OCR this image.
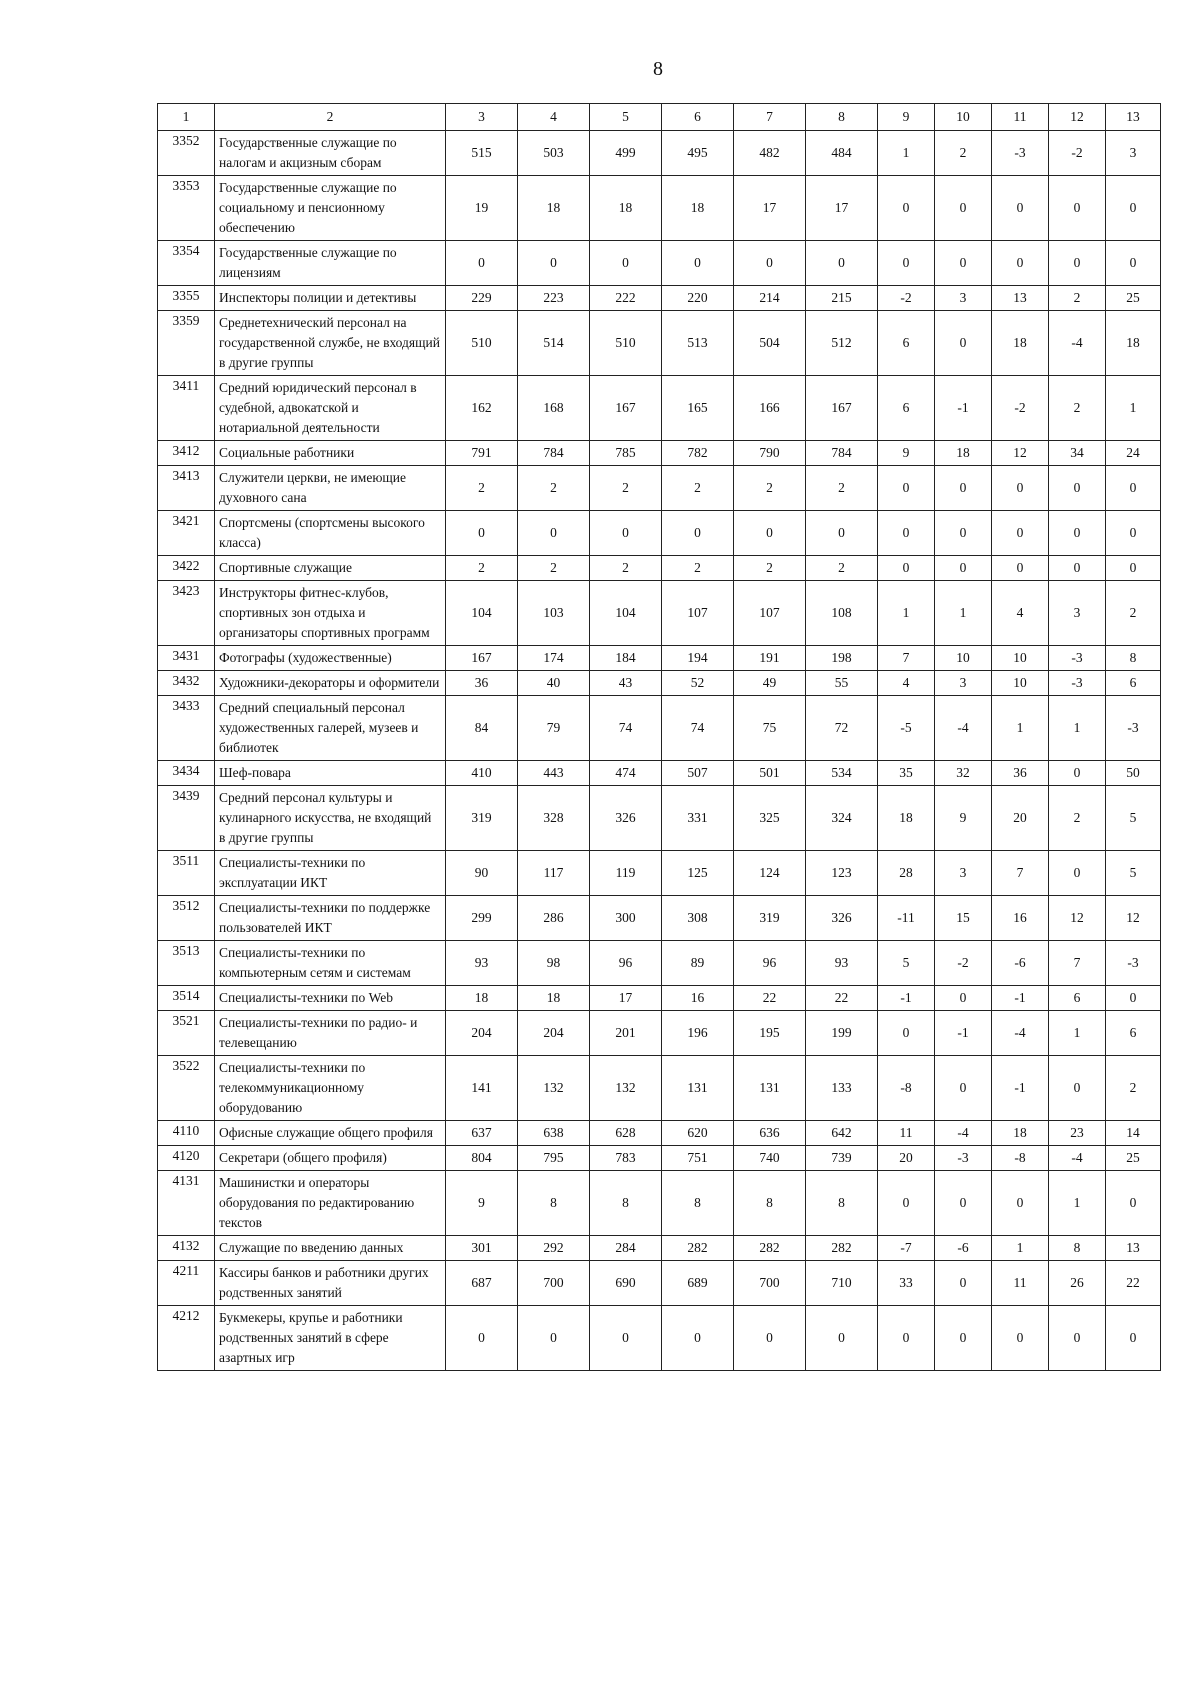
8
1	2	3	4	5	6	7	8	9	10	11	12	13
3352	Государственные служащие по налогам и акцизным сборам	515	503	499	495	482	484	1	2	-3	-2	3
3353	Государственные служащие по социальному и пенсионному обеспечению	19	18	18	18	17	17	0	0	0	0	0
3354	Государственные служащие по лицензиям	0	0	0	0	0	0	0	0	0	0	0
3355	Инспекторы полиции и детективы	229	223	222	220	214	215	-2	3	13	2	25
3359	Среднетехнический персонал на государственной службе, не входящий в другие группы	510	514	510	513	504	512	6	0	18	-4	18
3411	Средний юридический персонал в судебной, адвокатской и нотариальной деятельности	162	168	167	165	166	167	6	-1	-2	2	1
3412	Социальные работники	791	784	785	782	790	784	9	18	12	34	24
3413	Служители церкви, не имеющие духовного сана	2	2	2	2	2	2	0	0	0	0	0
3421	Спортсмены (спортсмены высокого класса)	0	0	0	0	0	0	0	0	0	0	0
3422	Спортивные служащие	2	2	2	2	2	2	0	0	0	0	0
3423	Инструкторы фитнес-клубов, спортивных зон отдыха и организаторы спортивных программ	104	103	104	107	107	108	1	1	4	3	2
3431	Фотографы (художественные)	167	174	184	194	191	198	7	10	10	-3	8
3432	Художники-декораторы и оформители	36	40	43	52	49	55	4	3	10	-3	6
3433	Средний специальный персонал художественных галерей, музеев и библиотек	84	79	74	74	75	72	-5	-4	1	1	-3
3434	Шеф-повара	410	443	474	507	501	534	35	32	36	0	50
3439	Средний персонал культуры и кулинарного искусства, не входящий в другие группы	319	328	326	331	325	324	18	9	20	2	5
3511	Специалисты-техники по эксплуатации ИКТ	90	117	119	125	124	123	28	3	7	0	5
3512	Специалисты-техники по поддержке пользователей ИКТ	299	286	300	308	319	326	-11	15	16	12	12
3513	Специалисты-техники по компьютерным сетям и системам	93	98	96	89	96	93	5	-2	-6	7	-3
3514	Специалисты-техники по Web	18	18	17	16	22	22	-1	0	-1	6	0
3521	Специалисты-техники по радио- и телевещанию	204	204	201	196	195	199	0	-1	-4	1	6
3522	Специалисты-техники по телекоммуникационному оборудованию	141	132	132	131	131	133	-8	0	-1	0	2
4110	Офисные служащие общего профиля	637	638	628	620	636	642	11	-4	18	23	14
4120	Секретари (общего профиля)	804	795	783	751	740	739	20	-3	-8	-4	25
4131	Машинистки и операторы оборудования по редактированию текстов	9	8	8	8	8	8	0	0	0	1	0
4132	Служащие по введению данных	301	292	284	282	282	282	-7	-6	1	8	13
4211	Кассиры банков и работники других родственных занятий	687	700	690	689	700	710	33	0	11	26	22
4212	Букмекеры, крупье и работники родственных занятий в сфере азартных игр	0	0	0	0	0	0	0	0	0	0	0
